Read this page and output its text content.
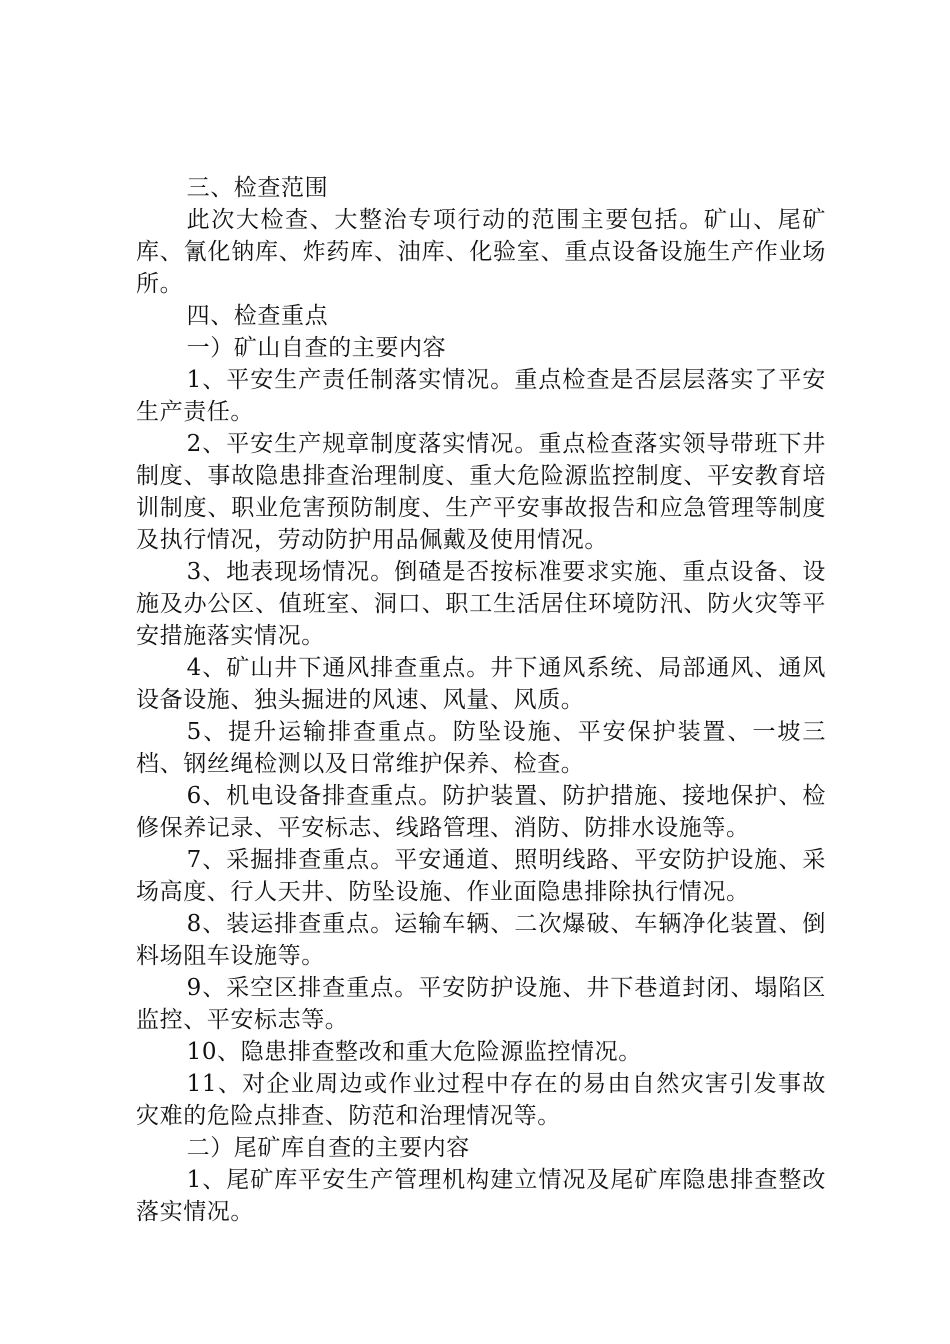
三、检查范围

此次大检查、大整治专项行动的范围主要包括。矿山、尾矿库、氰化钠库、炸药库、油库、化验室、重点设备设施生产作业场所。

四、检查重点

一）矿山自查的主要内容

1、平安生产责任制落实情况。重点检查是否层层落实了平安生产责任。

2、平安生产规章制度落实情况。重点检查落实领导带班下井制度、事故隐患排查治理制度、重大危险源监控制度、平安教育培训制度、职业危害预防制度、生产平安事故报告和应急管理等制度及执行情况，劳动防护用品佩戴及使用情况。

3、地表现场情况。倒碴是否按标准要求实施、重点设备、设施及办公区、值班室、洞口、职工生活居住环境防汛、防火灾等平安措施落实情况。

4、矿山井下通风排查重点。井下通风系统、局部通风、通风设备设施、独头掘进的风速、风量、风质。

5、提升运输排查重点。防坠设施、平安保护装置、一坡三档、钢丝绳检测以及日常维护保养、检查。

6、机电设备排查重点。防护装置、防护措施、接地保护、检修保养记录、平安标志、线路管理、消防、防排水设施等。

7、采掘排查重点。平安通道、照明线路、平安防护设施、采场高度、行人天井、防坠设施、作业面隐患排除执行情况。

8、装运排查重点。运输车辆、二次爆破、车辆净化装置、倒料场阻车设施等。

9、采空区排查重点。平安防护设施、井下巷道封闭、塌陷区监控、平安标志等。

10、隐患排查整改和重大危险源监控情况。

11、对企业周边或作业过程中存在的易由自然灾害引发事故灾难的危险点排查、防范和治理情况等。

二）尾矿库自查的主要内容

1、尾矿库平安生产管理机构建立情况及尾矿库隐患排查整改落实情况。
